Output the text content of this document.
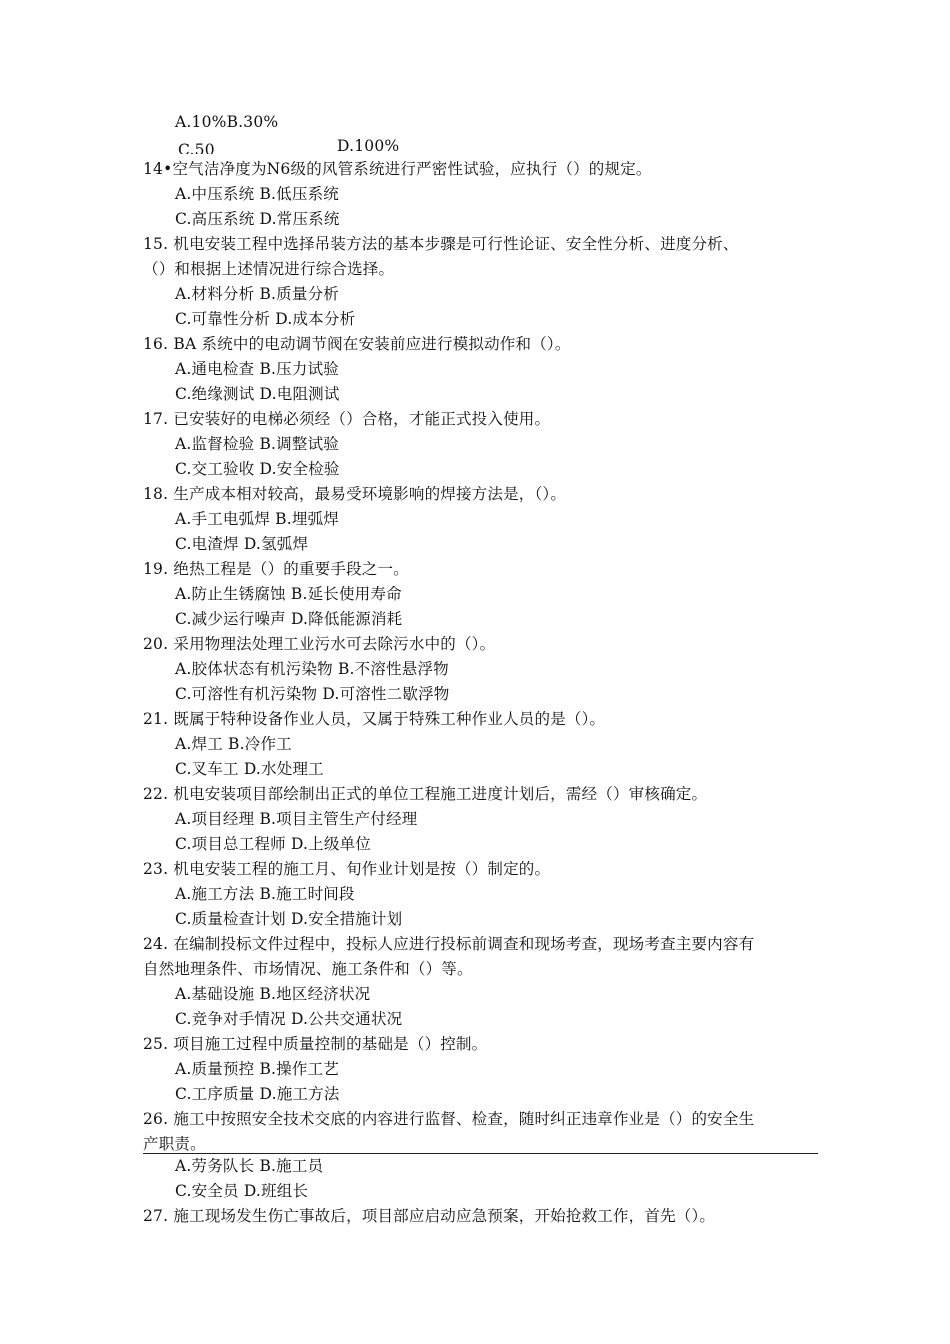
A.10%B.30%
C.50	D.100%
14•空气洁净度为N6级的风管系统进行严密性试验，应执行（）的规定。
A.中压系统 B.低压系统
C.高压系统 D.常压系统
15. 机电安装工程中选择吊装方法的基本步骤是可行性论证、安全性分析、进度分析、
（）和根据上述情况进行综合选择。
A.材料分析 B.质量分析
C.可靠性分析 D.成本分析
16. BA 系统中的电动调节阀在安装前应进行模拟动作和（）。
A.通电检查 B.压力试验
C.绝缘测试 D.电阻测试
17. 已安装好的电梯必须经（）合格，才能正式投入使用。
A.监督检验 B.调整试验
C.交工验收 D.安全检验
18. 生产成本相对较高，最易受环境影响的焊接方法是，（）。
A.手工电弧焊 B.埋弧焊
C.电渣焊 D.氢弧焊
19. 绝热工程是（）的重要手段之一。
A.防止生锈腐蚀 B.延长使用寿命
C.减少运行噪声 D.降低能源消耗
20. 采用物理法处理工业污水可去除污水中的（）。
A.胶体状态有机污染物 B.不溶性悬浮物
C.可溶性有机污染物 D.可溶性二歇浮物
21. 既属于特种设备作业人员，又属于特殊工种作业人员的是（）。
A.焊工 B.冷作工
C.叉车工 D.水处理工
22. 机电安装项目部绘制出正式的单位工程施工进度计划后，需经（）审核确定。
A.项目经理 B.项目主管生产付经理
C.项目总工程师 D.上级单位
23. 机电安装工程的施工月、旬作业计划是按（）制定的。
A.施工方法 B.施工时间段
C.质量检查计划 D.安全措施计划
24. 在编制投标文件过程中，投标人应进行投标前调查和现场考查，现场考查主要内容有
自然地理条件、市场情况、施工条件和（）等。
A.基础设施 B.地区经济状况
C.竞争对手情况 D.公共交通状况
25. 项目施工过程中质量控制的基础是（）控制。
A.质量预控 B.操作工艺
C.工序质量 D.施工方法
26. 施工中按照安全技术交底的内容进行监督、检查，随时纠正违章作业是（）的安全生
产职责。
A.劳务队长 B.施工员
C.安全员 D.班组长
27. 施工现场发生伤亡事故后，项目部应启动应急预案，开始抢救工作，首先（）。
